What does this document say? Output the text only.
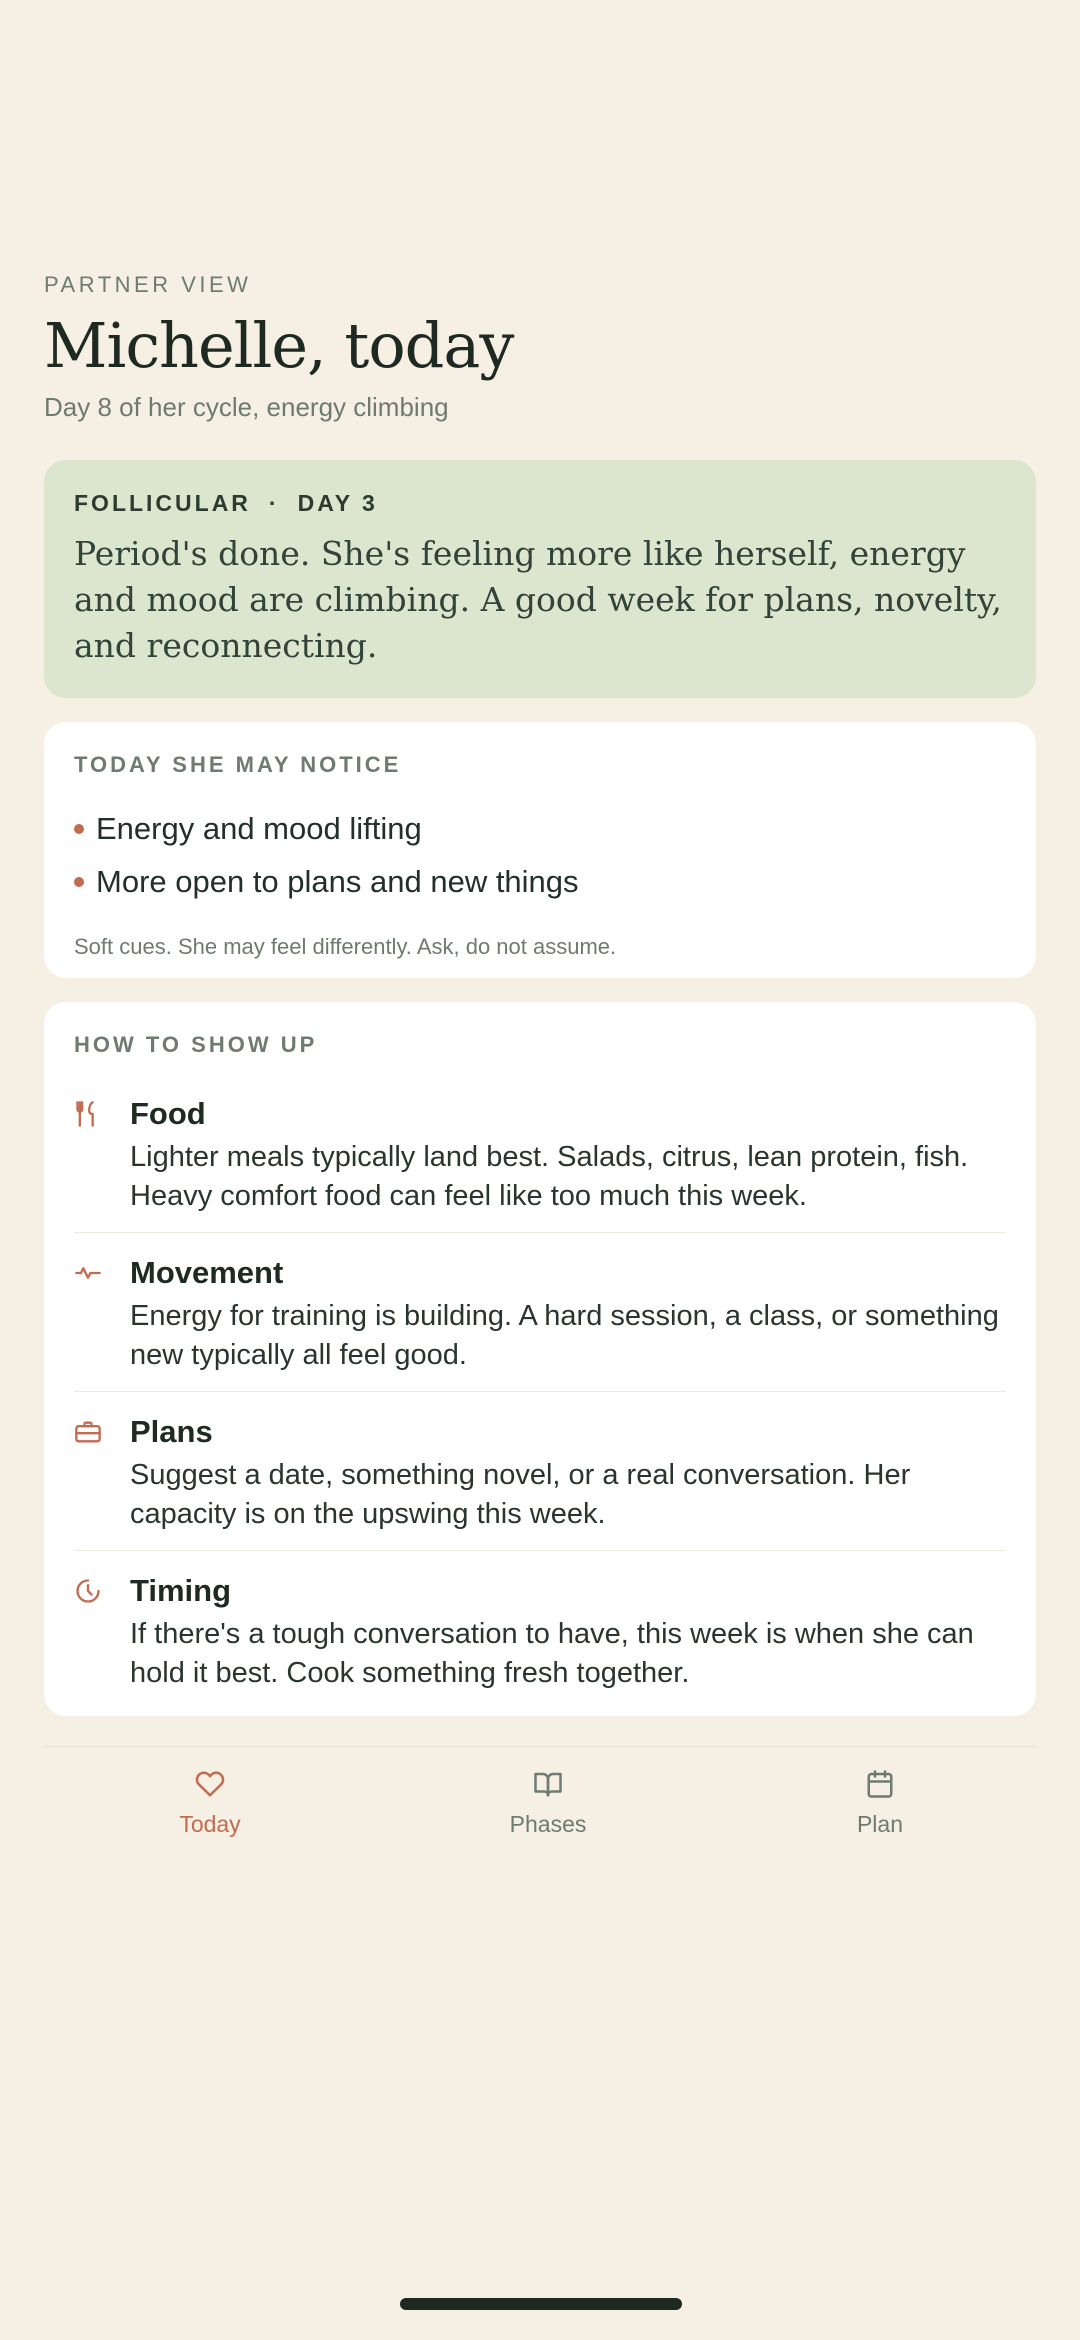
PARTNER VIEW
Michelle, today
Day 8 of her cycle, energy climbing
FOLLICULAR · DAY 3
Period's done. She's feeling more like herself, energy and mood are climbing. A good week for plans, novelty, and reconnecting.
TODAY SHE MAY NOTICE
Energy and mood lifting
More open to plans and new things
Soft cues. She may feel differently. Ask, do not assume.
HOW TO SHOW UP
Food
Lighter meals typically land best. Salads, citrus, lean protein, fish. Heavy comfort food can feel like too much this week.
Movement
Energy for training is building. A hard session, a class, or something new typically all feel good.
Plans
Suggest a date, something novel, or a real conversation. Her capacity is on the upswing this week.
Timing
If there's a tough conversation to have, this week is when she can hold it best. Cook something fresh together.
Today	Phases	Plan
